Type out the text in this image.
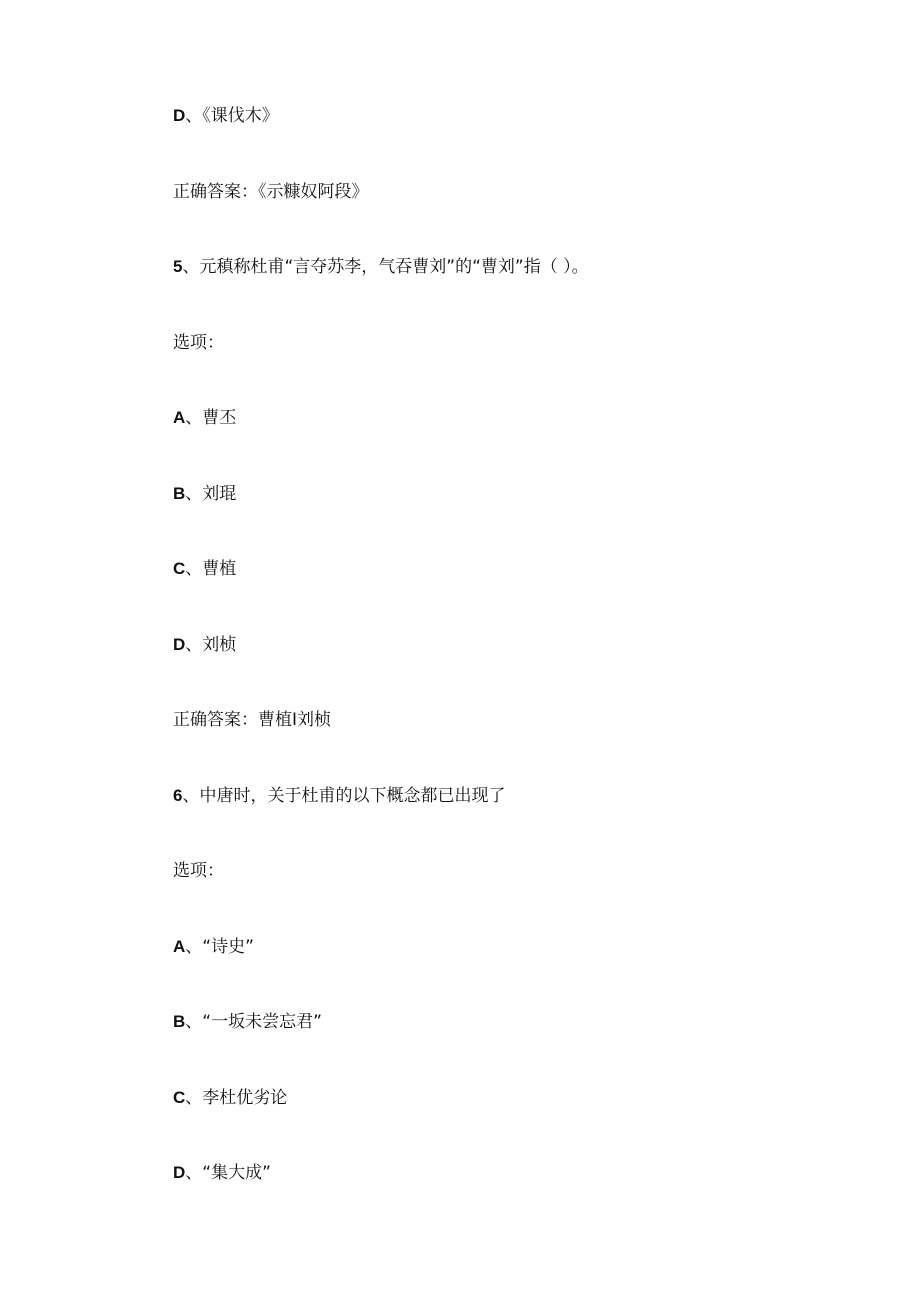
D、《课伐木》
正确答案：《示糠奴阿段》
5、元稹称杜甫“言夺苏李，气吞曹刘”的“曹刘”指（ ）。
选项：
A、曹丕
B、刘琨
C、曹植
D、刘桢
正确答案：曹植I刘桢
6、中唐时，关于杜甫的以下概念都已出现了
选项：
A、“诗史”
B、“一坂未尝忘君”
C、李杜优劣论
D、“集大成”
